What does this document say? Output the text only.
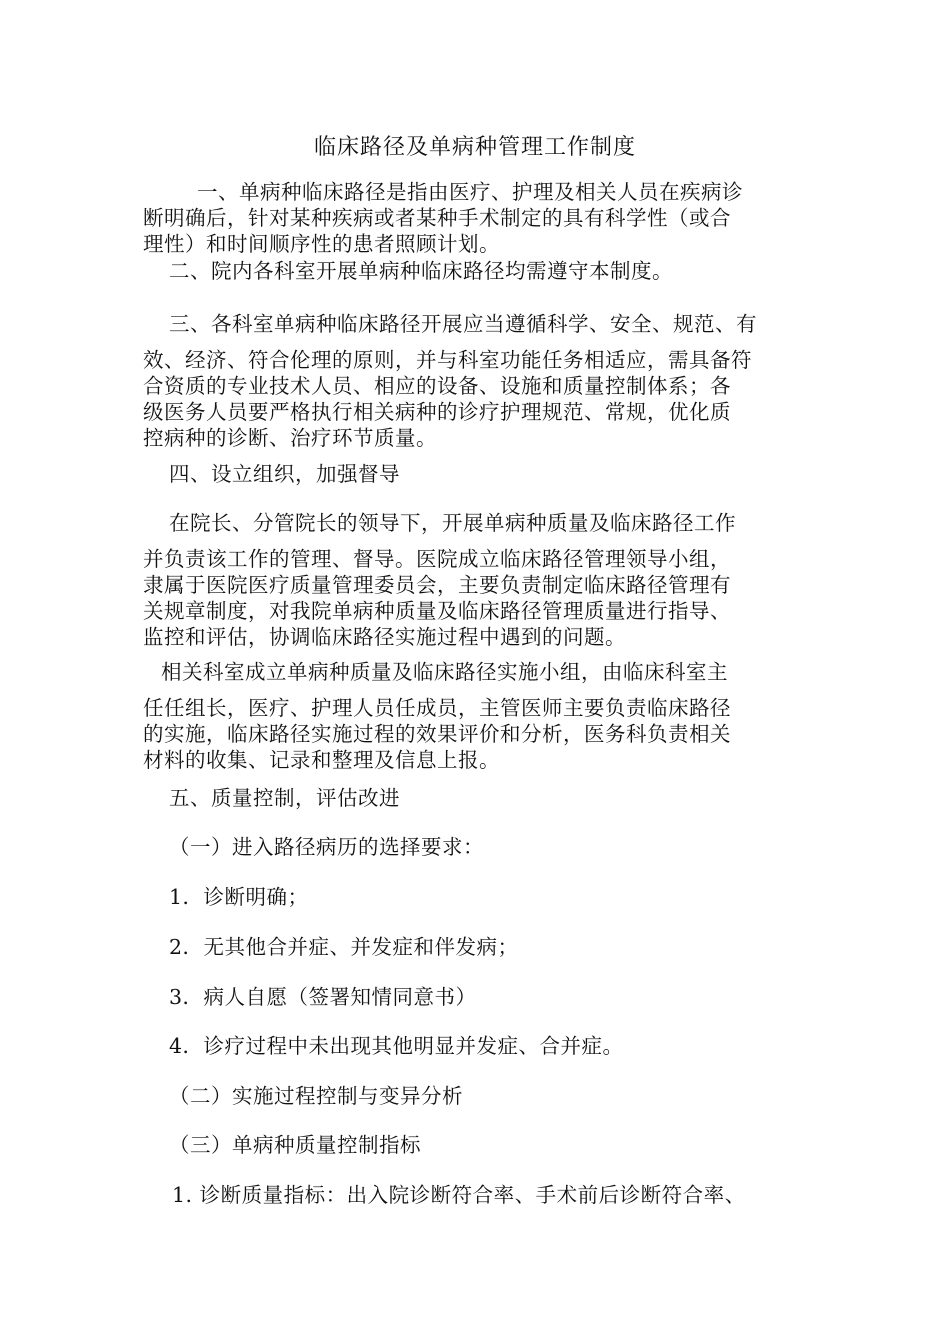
临床路径及单病种管理工作制度
一、单病种临床路径是指由医疗、护理及相关人员在疾病诊
断明确后，针对某种疾病或者某种手术制定的具有科学性（或合
理性）和时间顺序性的患者照顾计划。
二、院内各科室开展单病种临床路径均需遵守本制度。
三、各科室单病种临床路径开展应当遵循科学、安全、规范、有
效、经济、符合伦理的原则，并与科室功能任务相适应，需具备符
合资质的专业技术人员、相应的设备、设施和质量控制体系；各
级医务人员要严格执行相关病种的诊疗护理规范、常规，优化质
控病种的诊断、治疗环节质量。
四、设立组织，加强督导
在院长、分管院长的领导下，开展单病种质量及临床路径工作
并负责该工作的管理、督导。医院成立临床路径管理领导小组，
隶属于医院医疗质量管理委员会，主要负责制定临床路径管理有
关规章制度，对我院单病种质量及临床路径管理质量进行指导、
监控和评估，协调临床路径实施过程中遇到的问题。
相关科室成立单病种质量及临床路径实施小组，由临床科室主
任任组长，医疗、护理人员任成员，主管医师主要负责临床路径
的实施，临床路径实施过程的效果评价和分析，医务科负责相关
材料的收集、记录和整理及信息上报。
五、质量控制，评估改进
（一）进入路径病历的选择要求：
1．诊断明确；
2．无其他合并症、并发症和伴发病；
3．病人自愿（签署知情同意书）
4．诊疗过程中未出现其他明显并发症、合并症。
（二）实施过程控制与变异分析
（三）单病种质量控制指标
1. 诊断质量指标：出入院诊断符合率、手术前后诊断符合率、
